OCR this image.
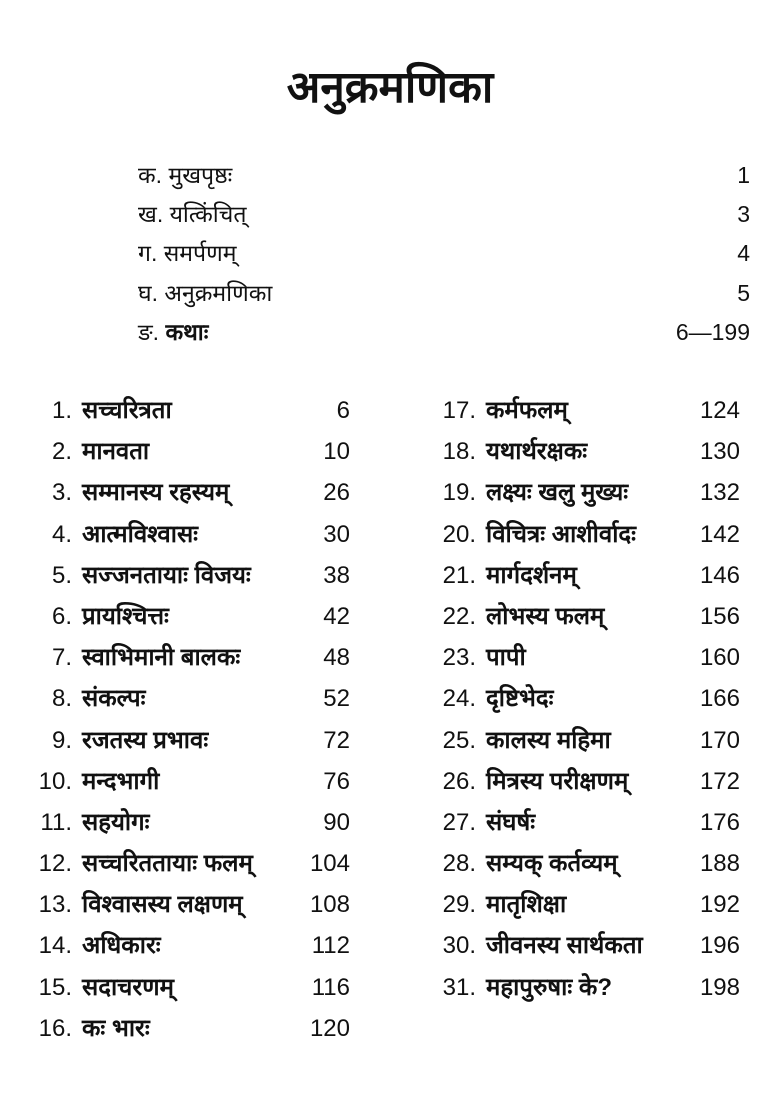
अनुक्रमणिका
क. मुखपृष्ठः	1
ख. यत्किंचित्	3
ग. समर्पणम्	4
घ. अनुक्रमणिका	5
ङ. कथाः	6—199
1. सच्चरित्रता	6
2. मानवता	10
3. सम्मानस्य रहस्यम्	26
4. आत्मविश्वासः	30
5. सज्जनतायाः विजयः	38
6. प्रायश्चित्तः	42
7. स्वाभिमानी बालकः	48
8. संकल्पः	52
9. रजतस्य प्रभावः	72
10. मन्दभागी	76
11. सहयोगः	90
12. सच्चरिततायाः फलम्	104
13. विश्वासस्य लक्षणम्	108
14. अधिकारः	112
15. सदाचरणम्	116
16. कः भारः	120
17. कर्मफलम्	124
18. यथार्थरक्षकः	130
19. लक्ष्यः खलु मुख्यः	132
20. विचित्रः आशीर्वादः	142
21. मार्गदर्शनम्	146
22. लोभस्य फलम्	156
23. पापी	160
24. दृष्टिभेदः	166
25. कालस्य महिमा	170
26. मित्रस्य परीक्षणम्	172
27. संघर्षः	176
28. सम्यक् कर्तव्यम्	188
29. मातृशिक्षा	192
30. जीवनस्य सार्थकता	196
31. महापुरुषाः के?	198
